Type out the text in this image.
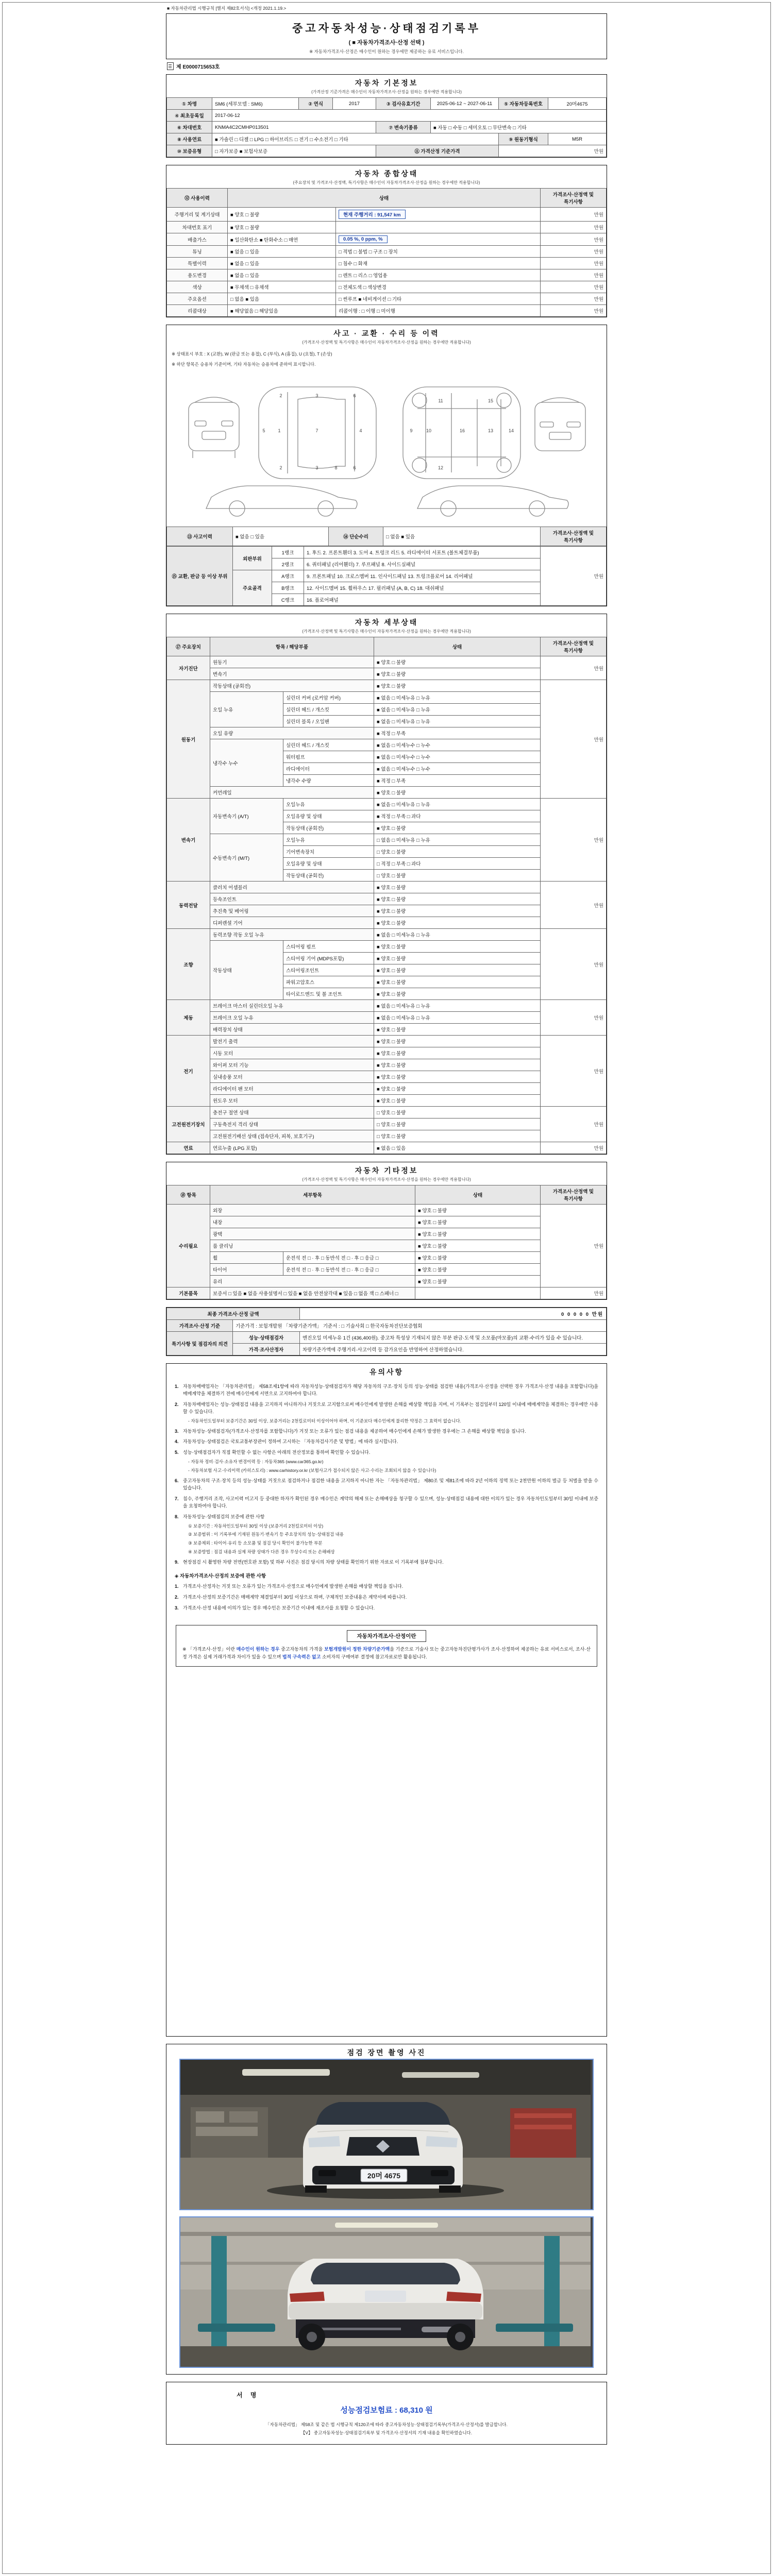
■ 자동차관리법 시행규칙 [별지 제82호서식] <개정 2021.1.19.>
중고자동차성능·상태점검기록부
( ■ 자동차가격조사·산정 선택 )
※ 자동차가격조사·산정은 매수인이 원하는 경우에만 제공하는 유료 서비스입니다.
제 E0000715653호
자동차 기본정보
(가격산정 기준가격은 매수인이 자동차가격조사·산정을 원하는 경우에만 적용합니다)
① 차명	SM6 (세부모델 : SM6)	② 연식	2017	③ 검사유효기간	2025-06-12 ~ 2027-06-11	⑤ 자동차등록번호	20머4675
④ 최초등록일	2017-06-12						
⑥ 차대번호	KNMA4C2CMHP013501			⑦ 변속기종류	■ 자동 □ 수동 □ 세미오토 □ 무단변속 □ 기타		
⑧ 사용연료	■ 가솔린 □ 디젤 □ LPG □ 하이브리드 □ 전기 □ 수소전기 □ 기타					⑨ 원동기형식	M5R
⑩ 보증유형	□ 자가보증 ■ 보험사보증			⑪ 가격산정 기준가격		만원	
자동차 종합상태
(주요장치 및 가격조사·산정액, 특기사항은 매수인이 자동차가격조사·산정을 원하는 경우에만 적용합니다)
⑫ 사용이력	상태		가격조사·산정액 및 특기사항
주행거리 및 계기상태	■ 양호 □ 불량	현재 주행거리 : 91,547 km	만원
차대번호 표기	■ 양호 □ 불량		만원
배출가스	■ 일산화탄소 ■ 탄화수소 □ 매연	0.05 %, 0 ppm, %	만원
튜닝	■ 없음 □ 있음	□ 적법 □ 불법 □ 구조 □ 장치	만원
특별이력	■ 없음 □ 있음	□ 침수 □ 화재	만원
용도변경	■ 없음 □ 있음	□ 렌트 □ 리스 □ 영업용	만원
색상	■ 무채색 □ 유채색	□ 전체도색 □ 색상변경	만원
주요옵션	□ 없음 ■ 있음	□ 썬루프 ■ 네비게이션 □ 기타	만원
리콜대상	■ 해당없음 □ 해당있음	리콜이행 : □ 이행 □ 미이행	만원
사고 · 교환 · 수리 등 이력
(가격조사·산정액 및 특기사항은 매수인이 자동차가격조사·산정을 원하는 경우에만 적용합니다)
※ 상태표시 부호 : X (교환), W (판금 또는 용접), C (부식), A (흠집), U (요철), T (손상)
※ 하단 항목은 승용차 기준이며, 기타 자동차는 승용차에 준하여 표시합니다.
1	7	4
2	3	6
2	3	6
5
8
9	10
11
12
16	13	14
15
⑬ 사고이력	■ 없음 □ 있음	⑭ 단순수리	□ 없음 ■ 있음	가격조사·산정액 및 특기사항
⑮ 교환, 판금 등 이상 부위	외판부위	1랭크	1. 후드 2. 프론트휀더 3. 도어 4. 트렁크 리드 5. 라디에이터 서포트 (볼트체결부품)	만원
		2랭크	6. 쿼터패널 (리어휀더) 7. 루프패널 8. 사이드실패널	
	주요골격	A랭크	9. 프론트패널 10. 크로스멤버 11. 인사이드패널 13. 트렁크플로어 14. 리어패널	
		B랭크	12. 사이드멤버 15. 휠하우스 17. 필러패널 (A, B, C) 18. 대쉬패널	
		C랭크	16. 플로어패널	
자동차 세부상태
(가격조사·산정액 및 특기사항은 매수인이 자동차가격조사·산정을 원하는 경우에만 적용합니다)
⑰ 주요장치	항목 / 해당부품		상태	가격조사·산정액 및 특기사항
자기진단	원동기		■ 양호 □ 불량	만원
	변속기		■ 양호 □ 불량	
원동기	작동상태 (공회전)		■ 양호 □ 불량	만원
	오일 누유	실린더 커버 (로커암 커버)	■ 없음 □ 미세누유 □ 누유	
		실린더 헤드 / 개스킷	■ 없음 □ 미세누유 □ 누유	
		실린더 블록 / 오일팬	■ 없음 □ 미세누유 □ 누유	
	오일 유량		■ 적정 □ 부족	
	냉각수 누수	실린더 헤드 / 개스킷	■ 없음 □ 미세누수 □ 누수	
		워터펌프	■ 없음 □ 미세누수 □ 누수	
		라디에이터	■ 없음 □ 미세누수 □ 누수	
		냉각수 수량	■ 적정 □ 부족	
	커먼레일		■ 양호 □ 불량	
변속기	자동변속기 (A/T)	오일누유	■ 없음 □ 미세누유 □ 누유	만원
		오일유량 및 상태	■ 적정 □ 부족 □ 과다	
		작동상태 (공회전)	■ 양호 □ 불량	
	수동변속기 (M/T)	오일누유	□ 없음 □ 미세누유 □ 누유	
		기어변속장치	□ 양호 □ 불량	
		오일유량 및 상태	□ 적정 □ 부족 □ 과다	
		작동상태 (공회전)	□ 양호 □ 불량	
동력전달	클러치 어셈블리		■ 양호 □ 불량	만원
	등속조인트		■ 양호 □ 불량	
	추진축 및 베어링		■ 양호 □ 불량	
	디퍼렌셜 기어		■ 양호 □ 불량	
조향	동력조향 작동 오일 누유		■ 없음 □ 미세누유 □ 누유	만원
	작동상태	스티어링 펌프	■ 양호 □ 불량	
		스티어링 기어 (MDPS포함)	■ 양호 □ 불량	
		스티어링조인트	■ 양호 □ 불량	
		파워고압호스	■ 양호 □ 불량	
		타이로드엔드 및 볼 조인트	■ 양호 □ 불량	
제동	브레이크 마스터 실린더오일 누유		■ 없음 □ 미세누유 □ 누유	만원
	브레이크 오일 누유		■ 없음 □ 미세누유 □ 누유	
	배력장치 상태		■ 양호 □ 불량	
전기	발전기 출력		■ 양호 □ 불량	만원
	시동 모터		■ 양호 □ 불량	
	와이퍼 모터 기능		■ 양호 □ 불량	
	실내송풍 모터		■ 양호 □ 불량	
	라디에이터 팬 모터		■ 양호 □ 불량	
	윈도우 모터		■ 양호 □ 불량	
고전원전기장치	충전구 절연 상태		□ 양호 □ 불량	만원
	구동축전지 격리 상태		□ 양호 □ 불량	
	고전원전기배선 상태 (접속단자, 피복, 보호기구)		□ 양호 □ 불량	
연료	연료누출 (LPG 포함)		■ 없음 □ 있음	만원
자동차 기타정보
(가격조사·산정액 및 특기사항은 매수인이 자동차가격조사·산정을 원하는 경우에만 적용합니다)
⑱ 항목	세부항목		상태	가격조사·산정액 및 특기사항
수리필요	외장		■ 양호 □ 불량	만원
	내장		■ 양호 □ 불량	
	광택		■ 양호 □ 불량	
	룸 클리닝		■ 양호 □ 불량	
	휠	운전석 전 □ · 후 □ 동반석 전 □ · 후 □ 응급 □	■ 양호 □ 불량	
	타이어	운전석 전 □ · 후 □ 동반석 전 □ · 후 □ 응급 □	■ 양호 □ 불량	
	유리		■ 양호 □ 불량	
기본품목	보증서 □ 있음 ■ 없음 사용설명서 □ 있음 ■ 없음 안전삼각대 ■ 있음 □ 없음 잭 □ 스패너 □			만원
최종 가격조사·산정 금액		0 0 0 0 0 만원
가격조사·산정 기준	기준가격 : 보험개발원 「차량기준가액」 기준서 : □ 기술사회 □ 한국자동차진단보증협회	
특기사항 및 점검자의 의견	성능·상태점검자	엔진오일 미세누유 1건 (436,400원). 중고차 특성상 기재되지 않은 부분 판금·도색 및 소모품(마모품)의 교환·수리가 있을 수 있습니다.
	가격·조사산정자	차량기준가액에 주행거리·사고이력 등 감가요인을 반영하여 산정하였습니다.
유의사항
1. 자동차매매업자는 「자동차관리법」 제58조제1항에 따라 자동차성능·상태점검자가 해당 자동차의 구조·장치 등의 성능·상태를 점검한 내용(가격조사·산정을 선택한 경우 가격조사·산정 내용을 포함합니다)을 매매계약을 체결하기 전에 매수인에게 서면으로 고지하여야 합니다.
2. 자동차매매업자는 성능·상태점검 내용을 고지하지 아니하거나 거짓으로 고지함으로써 매수인에게 발생한 손해를 배상할 책임을 지며, 이 기록부는 점검일부터 120일 이내에 매매계약을 체결하는 경우에만 사용할 수 있습니다.
- 자동차인도일부터 보증기간은 30일 이상, 보증거리는 2천킬로미터 이상이어야 하며, 이 기준보다 매수인에게 불리한 약정은 그 효력이 없습니다.
3. 자동차성능·상태점검자(가격조사·산정자를 포함합니다)가 거짓 또는 오류가 있는 점검 내용을 제공하여 매수인에게 손해가 발생한 경우에는 그 손해를 배상할 책임을 집니다.
4. 자동차성능·상태점검은 국토교통부장관이 정하여 고시하는 「자동차검사기준 및 방법」에 따라 실시합니다.
5. 성능·상태점검자가 직접 확인할 수 없는 사항은 아래의 전산정보를 통하여 확인할 수 있습니다.
- 자동차 정비·검사·소유자 변경이력 등 : 자동차365 (www.car365.go.kr)
- 자동차보험 사고·수리이력 (카히스토리) : www.carhistory.or.kr (보험사고가 접수되지 않은 사고·수리는 조회되지 않을 수 있습니다)
6. 중고자동차의 구조·장치 등의 성능·상태를 거짓으로 점검하거나 점검한 내용을 고지하지 아니한 자는 「자동차관리법」 제80조 및 제81조에 따라 2년 이하의 징역 또는 2천만원 이하의 벌금 등 처벌을 받을 수 있습니다.
7. 침수, 주행거리 조작, 사고이력 미고지 등 중대한 하자가 확인된 경우 매수인은 계약의 해제 또는 손해배상을 청구할 수 있으며, 성능·상태점검 내용에 대한 이의가 있는 경우 자동차인도일부터 30일 이내에 보증을 요청하여야 합니다.
8. 자동차성능·상태점검의 보증에 관한 사항
① 보증기간 : 자동차인도일부터 30일 이상 (보증거리 2천킬로미터 이상)
② 보증범위 : 이 기록부에 기재된 원동기·변속기 등 주요장치의 성능·상태점검 내용
③ 보증제외 : 타이어·유리 등 소모품 및 점검 당시 확인이 불가능한 부분
④ 보증방법 : 점검 내용과 실제 차량 상태가 다른 경우 무상수리 또는 손해배상
9. 현장점검 시 촬영한 차량 전면(번호판 포함) 및 하부 사진은 점검 당시의 차량 상태를 확인하기 위한 자료로 이 기록부에 첨부합니다.
◈ 자동차가격조사·산정의 보증에 관한 사항
1. 가격조사·산정자는 거짓 또는 오류가 있는 가격조사·산정으로 매수인에게 발생한 손해를 배상할 책임을 집니다.
2. 가격조사·산정의 보증기간은 매매계약 체결일부터 30일 이상으로 하며, 구체적인 보증내용은 계약서에 따릅니다.
3. 가격조사·산정 내용에 이의가 있는 경우 매수인은 보증기간 이내에 재조사를 요청할 수 있습니다.
자동차가격조사·산정이란
※ 「가격조사·산정」이란 매수인이 원하는 경우 중고자동차의 가격을 보험개발원이 정한 차량기준가액을 기준으로 기술사 또는 중고자동차진단평가사가 조사·산정하여 제공하는 유료 서비스로서, 조사·산정 가격은 실제 거래가격과 차이가 있을 수 있으며 법적 구속력은 없고 소비자의 구매여부 결정에 참고자료로만 활용됩니다.
점검 장면 촬영 사진
20머 4675
서 명
성능점검보험료 : 68,310 원
「자동차관리법」 제58조 및 같은 법 시행규칙 제120조에 따라 중고자동차성능·상태점검기록부(가격조사·산정서)를 발급합니다.
【V】 중고자동차성능·상태점검기록부 및 가격조사·산정서의 기재 내용을 확인하였습니다.
